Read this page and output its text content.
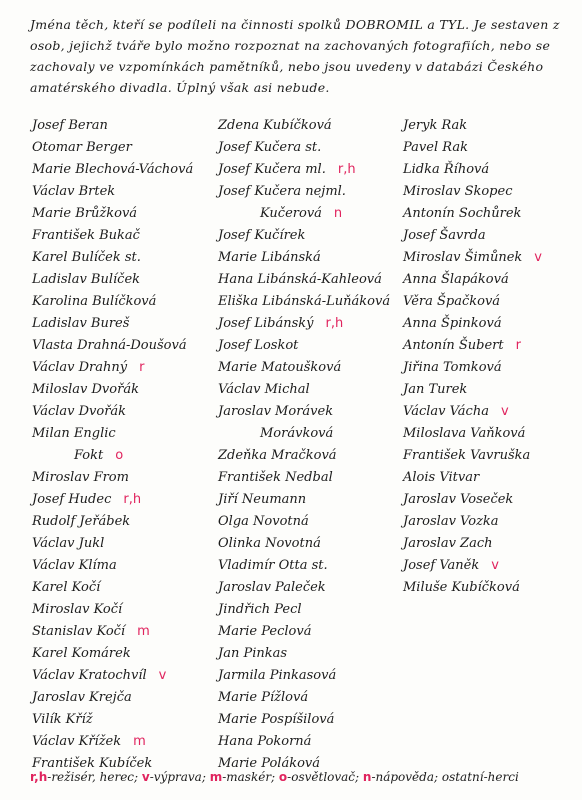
Jména těch, kteří se podíleli na činnosti spolků DOBROMIL a TYL. Je sestaven z osob, jejichž tváře bylo možno rozpoznat na zachovaných fotografiích, nebo se zachovaly ve vzpomínkách pamětníků, nebo jsou uvedeny v databázi Českého amatérského divadla. Úplný však asi nebude.

Josef Beran
Otomar Berger
Marie Blechová-Váchová
Václav Brtek
Marie Brůžková
František Bukač
Karel Bulíček st.
Ladislav Bulíček
Karolina Bulíčková
Ladislav Bureš
Vlasta Drahná-Doušová
Václav Drahný r
Miloslav Dvořák
Václav Dvořák
Milan Englic
Fokt o
Miroslav From
Josef Hudec r,h
Rudolf Jeřábek
Václav Jukl
Václav Klíma
Karel Kočí
Miroslav Kočí
Stanislav Kočí m
Karel Komárek
Václav Kratochvíl v
Jaroslav Krejča
Vilík Kříž
Václav Křížek m
František Kubíček
Zdena Kubíčková
Josef Kučera st.
Josef Kučera ml. r,h
Josef Kučera nejml.
Kučerová n
Josef Kučírek
Marie Libánská
Hana Libánská-Kahleová
Eliška Libánská-Luňáková
Josef Libánský r,h
Josef Loskot
Marie Matoušková
Václav Michal
Jaroslav Morávek
Morávková
Zdeňka Mračková
František Nedbal
Jiří Neumann
Olga Novotná
Olinka Novotná
Vladimír Otta st.
Jaroslav Paleček
Jindřich Pecl
Marie Peclová
Jan Pinkas
Jarmila Pinkasová
Marie Pížlová
Marie Pospíšilová
Hana Pokorná
Marie Poláková
Jeryk Rak
Pavel Rak
Lidka Říhová
Miroslav Skopec
Antonín Sochůrek
Josef Šavrda
Miroslav Šimůnek v
Anna Šlapáková
Věra Špačková
Anna Špinková
Antonín Šubert r
Jiřina Tomková
Jan Turek
Václav Vácha v
Miloslava Vaňková
František Vavruška
Alois Vitvar
Jaroslav Voseček
Jaroslav Vozka
Jaroslav Zach
Josef Vaněk v
Miluše Kubíčková
r,h-režisér, herec; v-výprava; m-maskér; o-osvětlovač; n-nápověda; ostatní-herci
